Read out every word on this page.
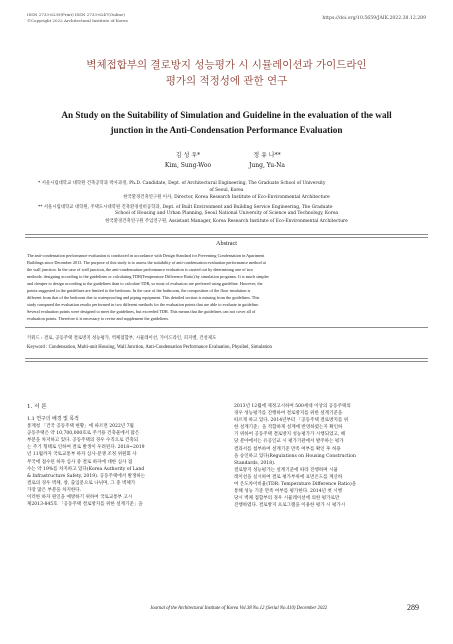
ISSN 2733-6239(Print) ISSN 2733-6247(Online)
©Copyright 2022 Architectural Institute of Korea	https://doi.org/10.5659/JAIK.2022.38.12.289
벽체접합부의 결로방지 성능평가 시 시뮬레이션과 가이드라인
평가의 적정성에 관한 연구
An Study on the Suitability of Simulation and Guideline in the evaluation of the wall
junction in the Anti-Condensation Performance Evaluation
김 성 우*
Kim, Sung-Woo
정 유 나**
Jung, Yu-Na
* 서울시립대학교 대학원 건축공학과 박사과정, Ph.D. Candidate, Dept. of Architectural Engineering, The Graduate School of University
of Seoul, Korea
한국환경건축연구원 이사, Director, Korea Research Institute of Eco-Environmental Architecture
** 서울시립대학교 대학원, 주택도시대학원 건축환경설비공학과, Dept. of Built Environment and Building Service Engineering, The Graduate
School of Housing and Urban Planning, Seoul National University of Science and Technology, Korea
한국환경건축연구원 주임연구원, Assistant Manager, Korea Research Institute of Eco-Environmental Architecture
Abstract
The anti-condensation performance evaluation is conducted in accordance with Design Standard for Preventing Condensation in Apartment
Buildings since December 2013. The purpose of this study is to assess the suitability of anti-condensation evaluation performance method at
the wall junction. In the case of wall junction, the anti-condensation performance evaluation is carried out by determining one of two
methods: designing according to the guidelines or calculating TDR(Temperature Difference Ratio) by simulation programs. It is much simpler
and cheaper to design according to the guidelines than to calculate TDR, so most of evaluators are preferred using guideline. However, the
points suggested in the guidelines are limited to the bedroom. In the case of the bathroom, the composition of the floor insulation is
different from that of the bedroom due to waterproofing and piping equipment. This detailed section is missing from the guidelines. This
study compared the evaluation results performed in two different methods for the evaluation points that are able to evaluate in guideline.
Several evaluation points were designed to meet the guidelines, but exceeded TDR. This means that the guidelines can not cover all of
evaluation points. Therefore it is necessary to revise and supplement the guidelines.
키워드 : 결로, 공동주택 결로방지 성능평가, 벽체접합부, 시뮬레이션, 가이드라인, 피지벨, 건설제도
Keyword : Condensation, Multi-unit Housing, Wall Junction, Anti-Condensation Performance Evaluation, Physibel, Simulation
1. 서 론
1.1 연구의 배경 및 목적
통계청 「건국 공동주택 현황」에 따르면 2022년 7월
공동주택은 약 10,700,000호로 주거용 건축물에서 많은
부분을 차지하고 있다. 공동주택의 경우 수직으로 건축되
는 주거 형태로 인하여 결로 발생이 우려된다. 2018~2019
년 11월까지 국토교통부 하자 심사·분쟁 조정 위원회 사
무국에 접수된 하자 심사 중 결로 하자에 대한 심사 접
수는 약 19%를 차지하고 있다(Korea Authority of Land
& Infrastructure Safety, 2019). 공동주택에서 발생하는
결로의 경우 벽체, 창, 출입문으로 나뉘며, 그 중 벽체가
가장 많은 부분을 차지한다.
이러한 하자 원인을 예방하기 위하여 국토교통부 고시
제2013-845호 「공동주택 결로방지를 위한 설계기준」을
2013년 12월에 제정고시하여 500세대 이상의 공동주택의
경우 성능평가를 진행하여 결로방지를 위한 설계기준을
따르게 하고 있다. 2014년부터 「공동주택 결로방지를 위
한 설계기준」을 적합하게 설계에 반영하였는지 확인하
기 위하여 공동주택 결로방지 성능평가가 시행되었고, 해
당 분야에서는 유공인교 시 평가기관에서 발주하는 평가
결과서를 첨부하여 설계기준 만족 여부를 확인 후 허용
을 승인하고 있다(Regulations on Housing Construction
Standards, 2018).
결로방지 성능평가는 설계기준에 따라 진행하며 시뮬
레이션을 실시하여 결로 평가부위에 표면온도를 계산하
여 온도차이비율(TDR: Temperature Difference Ratio)을
통해 성능 기준 만족 여부를 평가한다. 2014년 첫 시행
당시 벽체 접합부의 경우 시뮬레이션에 의한 평가로만
진행하였다. 결로방지 프로그램을 이용한 평가 시 평가시
Journal of the Architectural Institute of Korea Vol.38 No.12 (Serial No.410) December 2022	289
